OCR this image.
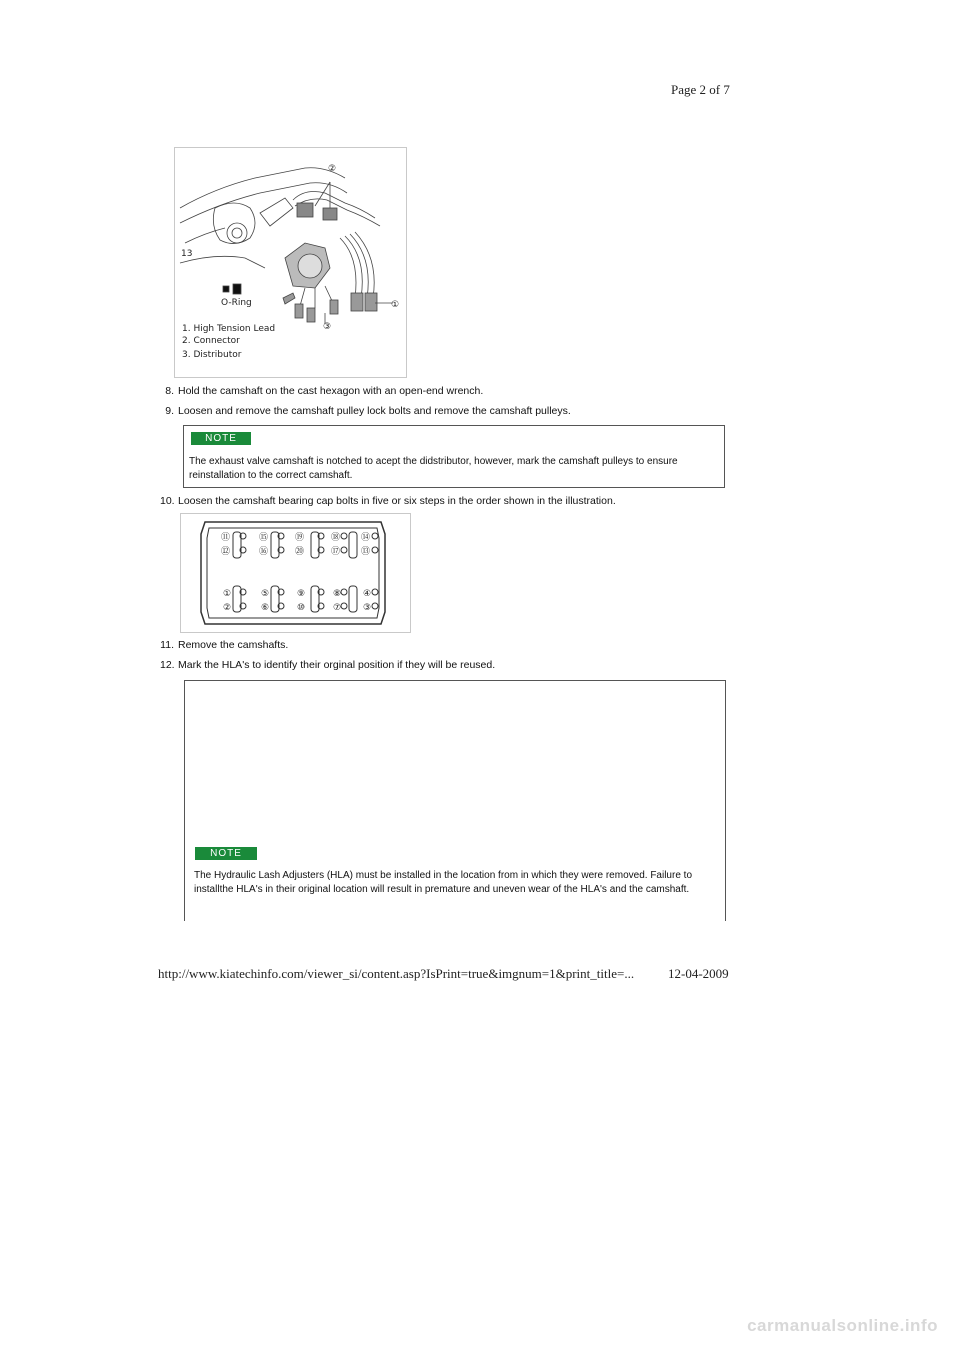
Page 2 of 7
②
①
③
13
O-Ring
1. High Tension Lead
2. Connector
3. Distributor
8. Hold the camshaft on the cast hexagon with an open-end wrench.
9. Loosen and remove the camshaft pulley lock bolts and remove the camshaft pulleys.
NOTE
The exhaust valve camshaft is notched to acept the didstributor, however, mark the camshaft pulleys to ensure reinstallation to the correct camshaft.
10. Loosen the camshaft bearing cap bolts in five or six steps in the order shown in the illustration.
⑪
⑫
⑮
⑯
⑲
⑳
⑱
⑰
⑭
⑬
①
②
⑤
⑥
⑨
⑩
⑧
⑦
④
③
11. Remove the camshafts.
12. Mark the HLA's to identify their orginal position if they will be reused.
NOTE
The Hydraulic Lash Adjusters (HLA) must be installed in the location from in which they were removed. Failure to installthe HLA's in their original location will result in premature and uneven wear of the HLA's and the camshaft.
http://www.kiatechinfo.com/viewer_si/content.asp?IsPrint=true&imgnum=1&print_title=...	12-04-2009
carmanualsonline.info
